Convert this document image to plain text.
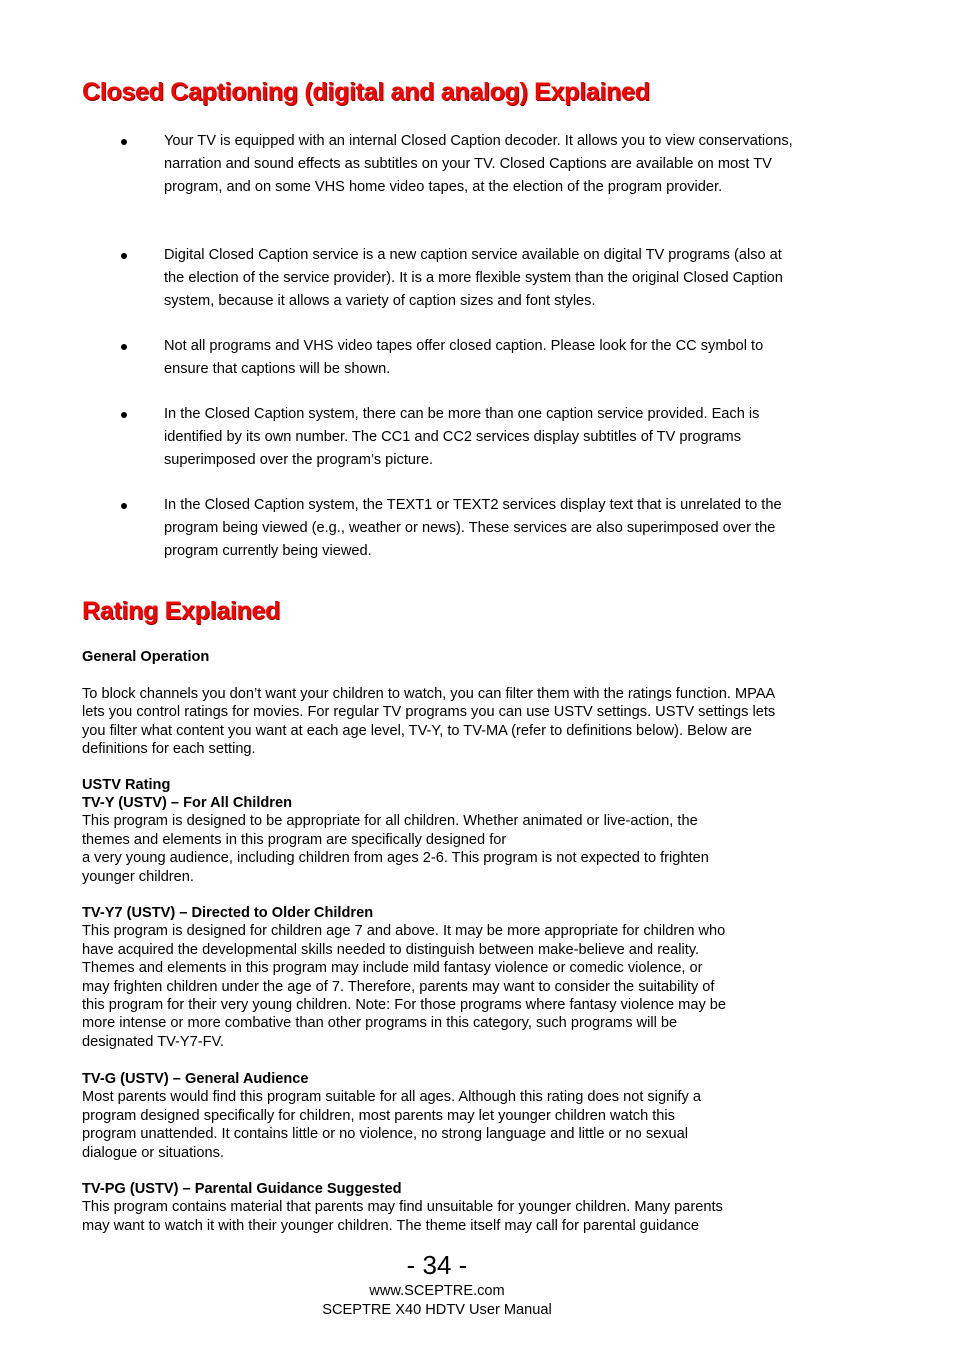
Closed Captioning (digital and analog) Explained
Your TV is equipped with an internal Closed Caption decoder. It allows you to view conservations, narration and sound effects as subtitles on your TV. Closed Captions are available on most TV program, and on some VHS home video tapes, at the election of the program provider.
Digital Closed Caption service is a new caption service available on digital TV programs (also at the election of the service provider). It is a more flexible system than the original Closed Caption system, because it allows a variety of caption sizes and font styles.
Not all programs and VHS video tapes offer closed caption. Please look for the CC symbol to ensure that captions will be shown.
In the Closed Caption system, there can be more than one caption service provided. Each is identified by its own number. The CC1 and CC2 services display subtitles of TV programs superimposed over the program’s picture.
In the Closed Caption system, the TEXT1 or TEXT2 services display text that is unrelated to the program being viewed (e.g., weather or news). These services are also superimposed over the program currently being viewed.
Rating Explained
General Operation
To block channels you don’t want your children to watch, you can filter them with the ratings function. MPAA lets you control ratings for movies. For regular TV programs you can use USTV settings. USTV settings lets you filter what content you want at each age level, TV-Y, to TV-MA (refer to definitions below). Below are definitions for each setting.
USTV Rating

TV-Y (USTV) – For All Children

This program is designed to be appropriate for all children. Whether animated or live-action, the

themes and elements in this program are specifically designed for

a very young audience, including children from ages 2-6. This program is not expected to frighten

younger children.

TV-Y7 (USTV) – Directed to Older Children

This program is designed for children age 7 and above. It may be more appropriate for children who

have acquired the developmental skills needed to distinguish between make-believe and reality.

Themes and elements in this program may include mild fantasy violence or comedic violence, or

may frighten children under the age of 7. Therefore, parents may want to consider the suitability of

this program for their very young children. Note: For those programs where fantasy violence may be

more intense or more combative than other programs in this category, such programs will be

designated TV-Y7-FV.

TV-G (USTV) – General Audience

Most parents would find this program suitable for all ages. Although this rating does not signify a

program designed specifically for children, most parents may let younger children watch this

program unattended. It contains little or no violence, no strong language and little or no sexual

dialogue or situations.

TV-PG (USTV) – Parental Guidance Suggested

This program contains material that parents may find unsuitable for younger children. Many parents

may want to watch it with their younger children. The theme itself may call for parental guidance

- 34 -
www.SCEPTRE.com
SCEPTRE X40 HDTV User Manual
